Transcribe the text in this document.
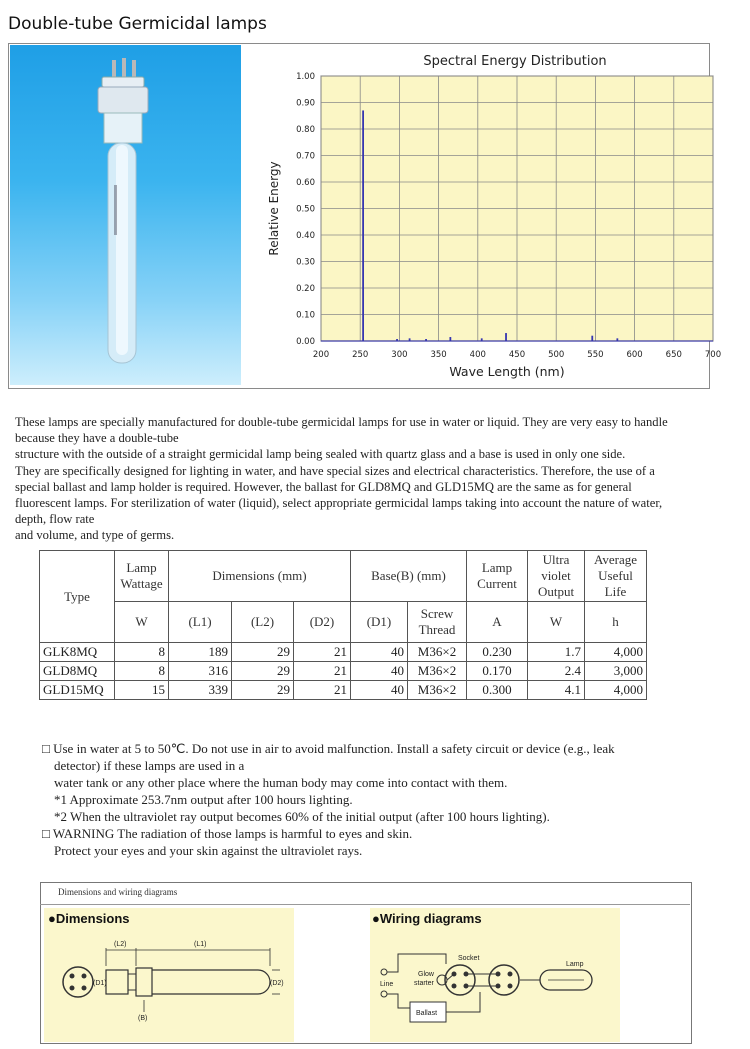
Double-tube Germicidal lamps
Spectral Energy Distribution
0.00
0.10
0.20
0.30
0.40
0.50
0.60
0.70
0.80
0.90
1.00
200	250	300	350	400	450	500	550	600	650	700
Relative Energy
Wave Length (nm)
These lamps are specially manufactured for double-tube germicidal lamps for use in water or liquid. They are very easy to handle
because they have a double-tube
structure with the outside of a straight germicidal lamp being sealed with quartz glass and a base is used in only one side.
They are specifically designed for lighting in water, and have special sizes and electrical characteristics. Therefore, the use of a
special ballast and lamp holder is required. However, the ballast for GLD8MQ and GLD15MQ are the same as for general
fluorescent lamps. For sterilization of water (liquid), select appropriate germicidal lamps taking into account the nature of water,
depth, flow rate
and volume, and type of germs.
Type	Lamp Wattage	Dimensions (mm)			Base(B) (mm)		Lamp Current	Ultra violet Output	Average Useful Life
	W	(L1)	(L2)	(D2)	(D1)	Screw Thread	A	W	h
GLK8MQ	8	189	29	21	40	M36×2	0.230	1.7	4,000
GLD8MQ	8	316	29	21	40	M36×2	0.170	2.4	3,000
GLD15MQ	15	339	29	21	40	M36×2	0.300	4.1	4,000
□ Use in water at 5 to 50℃. Do not use in air to avoid malfunction. Install a safety circuit or device (e.g., leak
detector) if these lamps are used in a
water tank or any other place where the human body may come into contact with them.
*1 Approximate 253.7nm output after 100 hours lighting.
*2 When the ultraviolet ray output becomes 60% of the initial output (after 100 hours lighting).
□ WARNING The radiation of those lamps is harmful to eyes and skin.
Protect your eyes and your skin against the ultraviolet rays.
Dimensions and wiring diagrams
●Dimensions
(L2)	(L1)
(D1)	(D2)
(B)
●Wiring diagrams
Socket
Lamp
Line
Glow
starter
Ballast
